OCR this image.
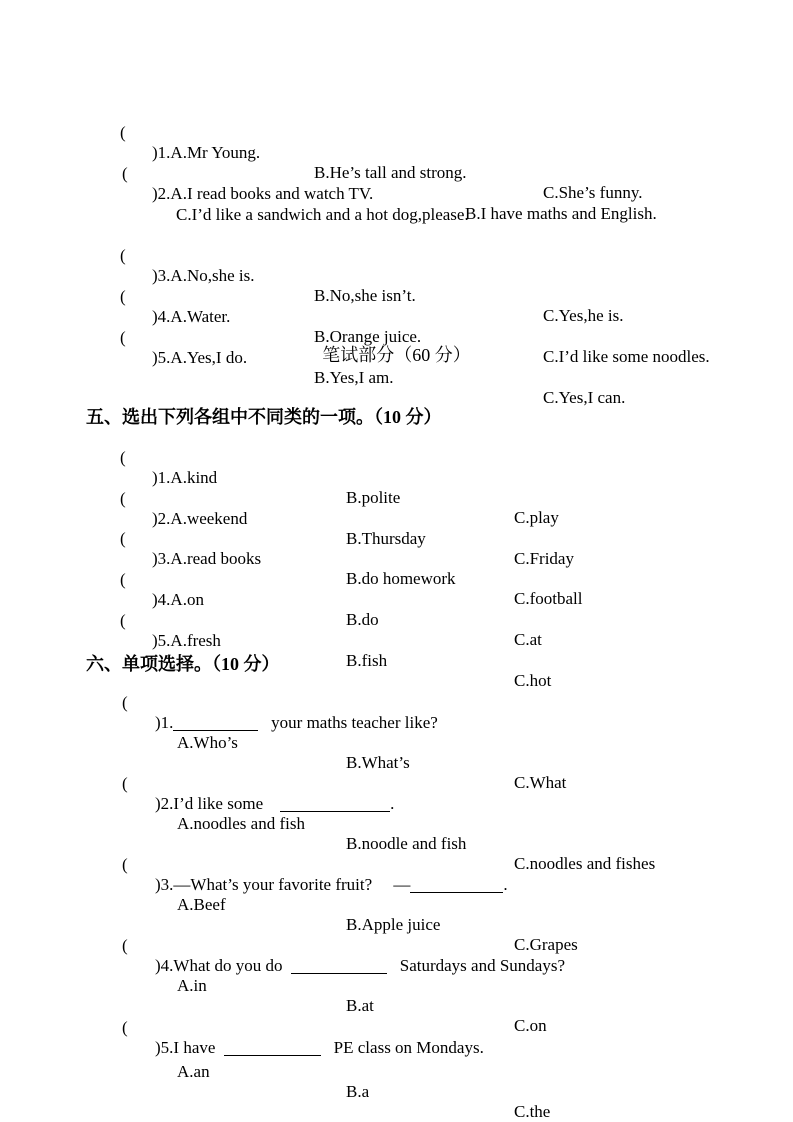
(

)1.A.Mr Young.

B.He’s tall and strong.

C.She’s funny.

(

)2.A.I read books and watch TV.

B.I have maths and English.

C.I’d like a sandwich and a hot dog,please.

(

)3.A.No,she is.

B.No,she isn’t.

C.Yes,he is.

(

)4.A.Water.

B.Orange juice.

C.I’d like some noodles.

(

)5.A.Yes,I do.

B.Yes,I am.

C.Yes,I can.

笔试部分（60 分）

五、选出下列各组中不同类的一项。（10 分）

(

)1.A.kind

B.polite

C.play

(

)2.A.weekend

B.Thursday

C.Friday

(

)3.A.read books

B.do homework

C.football

(

)4.A.on

B.do

C.at

(

)5.A.fresh

B.fish

C.hot

六、单项选择。（10 分）

(

)1.	your maths teacher like?

A.Who’s

B.What’s

C.What

(

)2.I’d like some	.

A.noodles and fish

B.noodle and fish

C.noodles and fishes

(

)3.—What’s your favorite fruit?     —	.

A.Beef

B.Apple juice

C.Grapes

(

)4.What do you do	Saturdays and Sundays?

A.in

B.at

C.on

(

)5.I have	PE class on Mondays.

A.an

B.a

C.the
